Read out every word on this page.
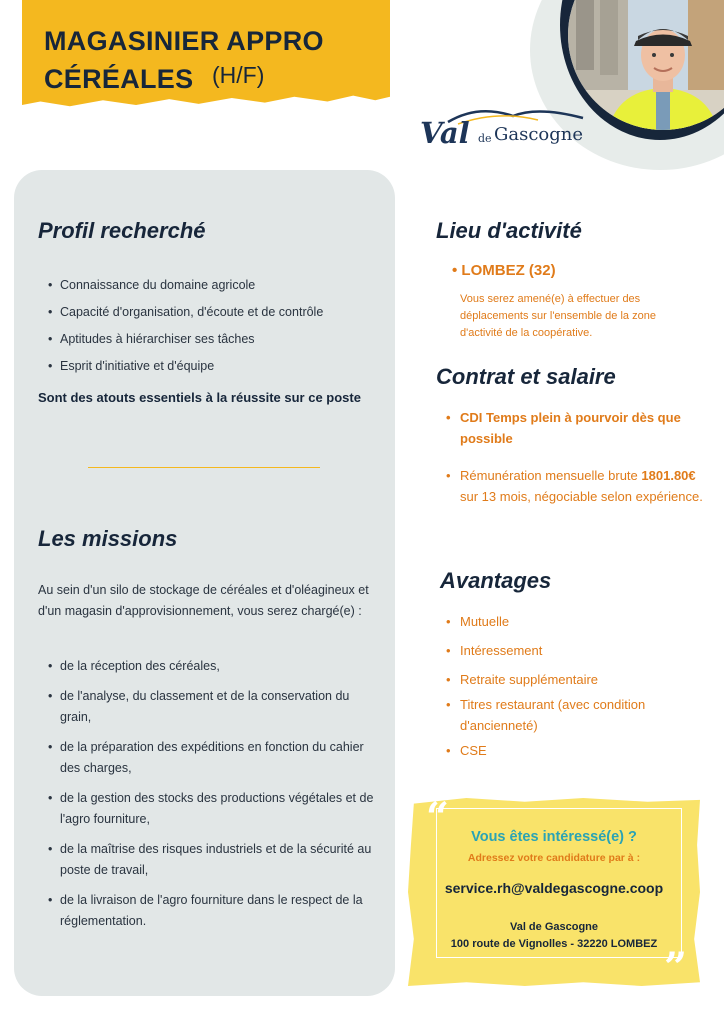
MAGASINIER APPRO
CÉRÉALES (H/F)
Val de Gascogne
Profil recherché
• Connaissance du domaine agricole
• Capacité d'organisation, d'écoute et de contrôle
• Aptitudes à hiérarchiser ses tâches
• Esprit d'initiative et d'équipe
Sont des atouts essentiels à la réussite sur ce poste
Les missions
Au sein d'un silo de stockage de céréales et d'oléagineux et d'un magasin d'approvisionnement, vous serez chargé(e) :
• de la réception des céréales,
• de l'analyse, du classement et de la conservation du grain,
• de la préparation des expéditions en fonction du cahier des charges,
• de la gestion des stocks des productions végétales et de l'agro fourniture,
• de la maîtrise des risques industriels et de la sécurité au poste de travail,
• de la livraison de l'agro fourniture dans le respect de la réglementation.
Lieu d'activité
• LOMBEZ (32)
Vous serez amené(e) à effectuer des déplacements sur l'ensemble de la zone d'activité de la coopérative.
Contrat et salaire
• CDI Temps plein à pourvoir dès que possible
• Rémunération mensuelle brute 1801.80€ sur 13 mois, négociable selon expérience.
Avantages
• Mutuelle
• Intéressement
• Retraite supplémentaire
• Titres restaurant (avec condition d'ancienneté)
• CSE
“
”
Vous êtes intéressé(e) ?
Adressez votre candidature par à :
service.rh@valdegascogne.coop
Val de Gascogne
100 route de Vignolles - 32220 LOMBEZ
